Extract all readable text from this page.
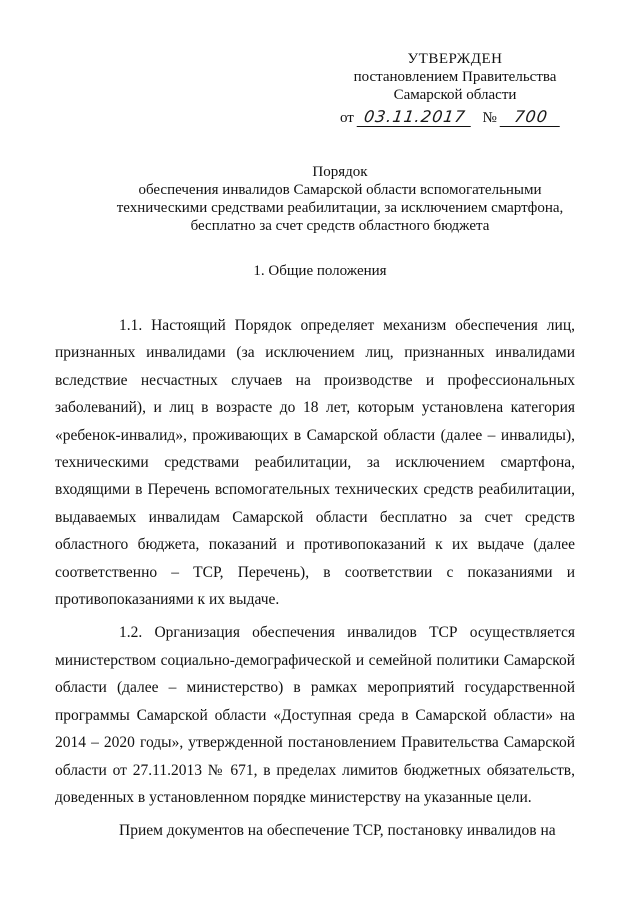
УТВЕРЖДЕН
постановлением Правительства
Самарской области
от 03.11.2017 № 700
Порядок
обеспечения инвалидов Самарской области вспомогательными
техническими средствами реабилитации, за исключением смартфона,
бесплатно за счет средств областного бюджета
1. Общие положения

1.1. Настоящий Порядок определяет механизм обеспечения лиц, признанных инвалидами (за исключением лиц, признанных инвалидами вследствие несчастных случаев на производстве и профессиональных заболеваний), и лиц в возрасте до 18 лет, которым установлена категория «ребенок-инвалид», проживающих в Самарской области (далее – инвалиды), техническими средствами реабилитации, за исключением смартфона, входящими в Перечень вспомогательных технических средств реабилитации, выдаваемых инвалидам Самарской области бесплатно за счет средств областного бюджета, показаний и противопоказаний к их выдаче (далее соответственно – ТСР, Перечень), в соответствии с показаниями и противопоказаниями к их выдаче.

1.2. Организация обеспечения инвалидов ТСР осуществляется министерством социально-демографической и семейной политики Самарской области (далее – министерство) в рамках мероприятий государственной программы Самарской области «Доступная среда в Самарской области» на 2014 – 2020 годы», утвержденной постановлением Правительства Самарской области от 27.11.2013 № 671, в пределах лимитов бюджетных обязательств, доведенных в установленном порядке министерству на указанные цели.

Прием документов на обеспечение ТСР, постановку инвалидов на
